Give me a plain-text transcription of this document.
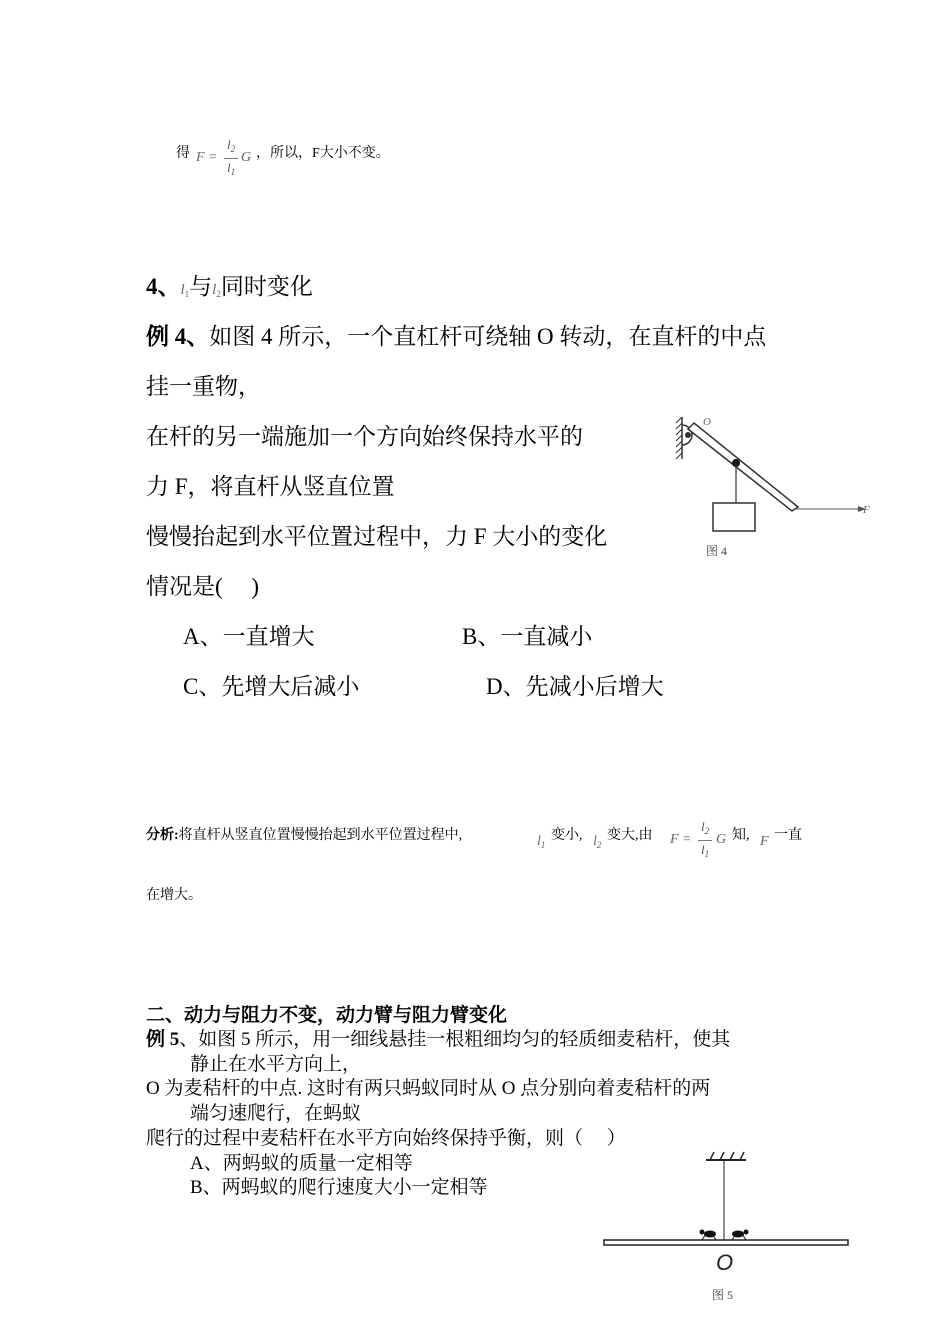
得 F =
$l_2$
$l_1$
G ，所以，F大小不变。
4、$l_1$与$l_2$同时变化
例 4、如图 4 所示，一个直杠杆可绕轴 O 转动，在直杆的中点
挂一重物，
在杆的另一端施加一个方向始终保持水平的
力 F，将直杆从竖直位置
慢慢抬起到水平位置过程中，力 F 大小的变化
情况是(　 )
A、一直增大	B、一直减小
C、先增大后减小	D、先减小后增大
O
F
图 4
分析:将直杆从竖直位置慢慢抬起到水平位置过程中,	$l_1$
变小, $l_2$
变大,由 F =
$l_2$
$l_1$
G 知, F 一直
在增大。
二、动力与阻力不变，动力臂与阻力臂变化
例 5、如图 5 所示，用一细线悬挂一根粗细均匀的轻质细麦秸杆，使其
静止在水平方向上，
O 为麦秸杆的中点. 这时有两只蚂蚁同时从 O 点分别向着麦秸杆的两
端匀速爬行，在蚂蚁
爬行的过程中麦秸杆在水平方向始终保持乎衡，则（　 ）
A、两蚂蚁的质量一定相等
B、两蚂蚁的爬行速度大小一定相等
O
图 5
